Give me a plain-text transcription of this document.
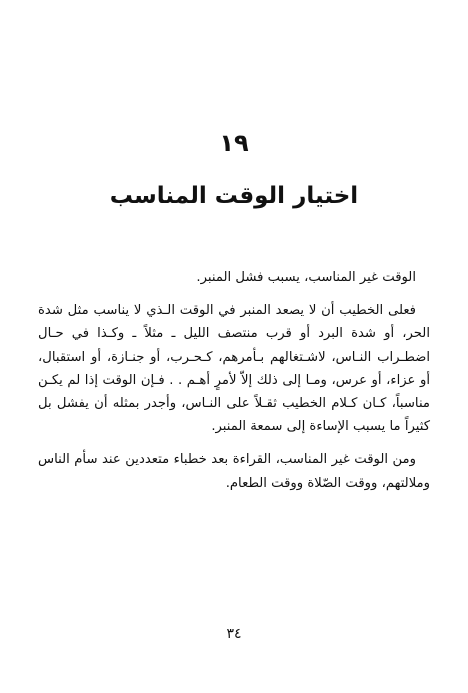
١٩
اختيار الوقت المناسب

الوقت غير المناسب، يسبب فشل المنبر.

فعلى الخطيب أن لا يصعد المنبر في الوقت الـذي لا يناسب مثل شدة الحر، أو شدة البرد أو قرب منتصف الليل ـ مثلاً ـ وكـذا في حـال اضطـراب النـاس، لاشـتغالهم بـأمرهم، كـحـرب، أو جنـازة، أو استقبال، أو عزاء، أو عرس، ومـا إلى ذلك إلاّ لأمرٍ أهـم . . فـإن الوقت إذا لم يكـن مناسباً، كـان كـلام الخطيب ثقـلاً على النـاس، وأجدر بمثله أن يفشل بل كثيراً ما يسبب الإساءة إلى سمعة المنبر.

ومن الوقت غير المناسب، القراءة بعد خطباء متعددين عند سأم الناس وملالتهم، ووقت الصّلاة ووقت الطعام.

٣٤
